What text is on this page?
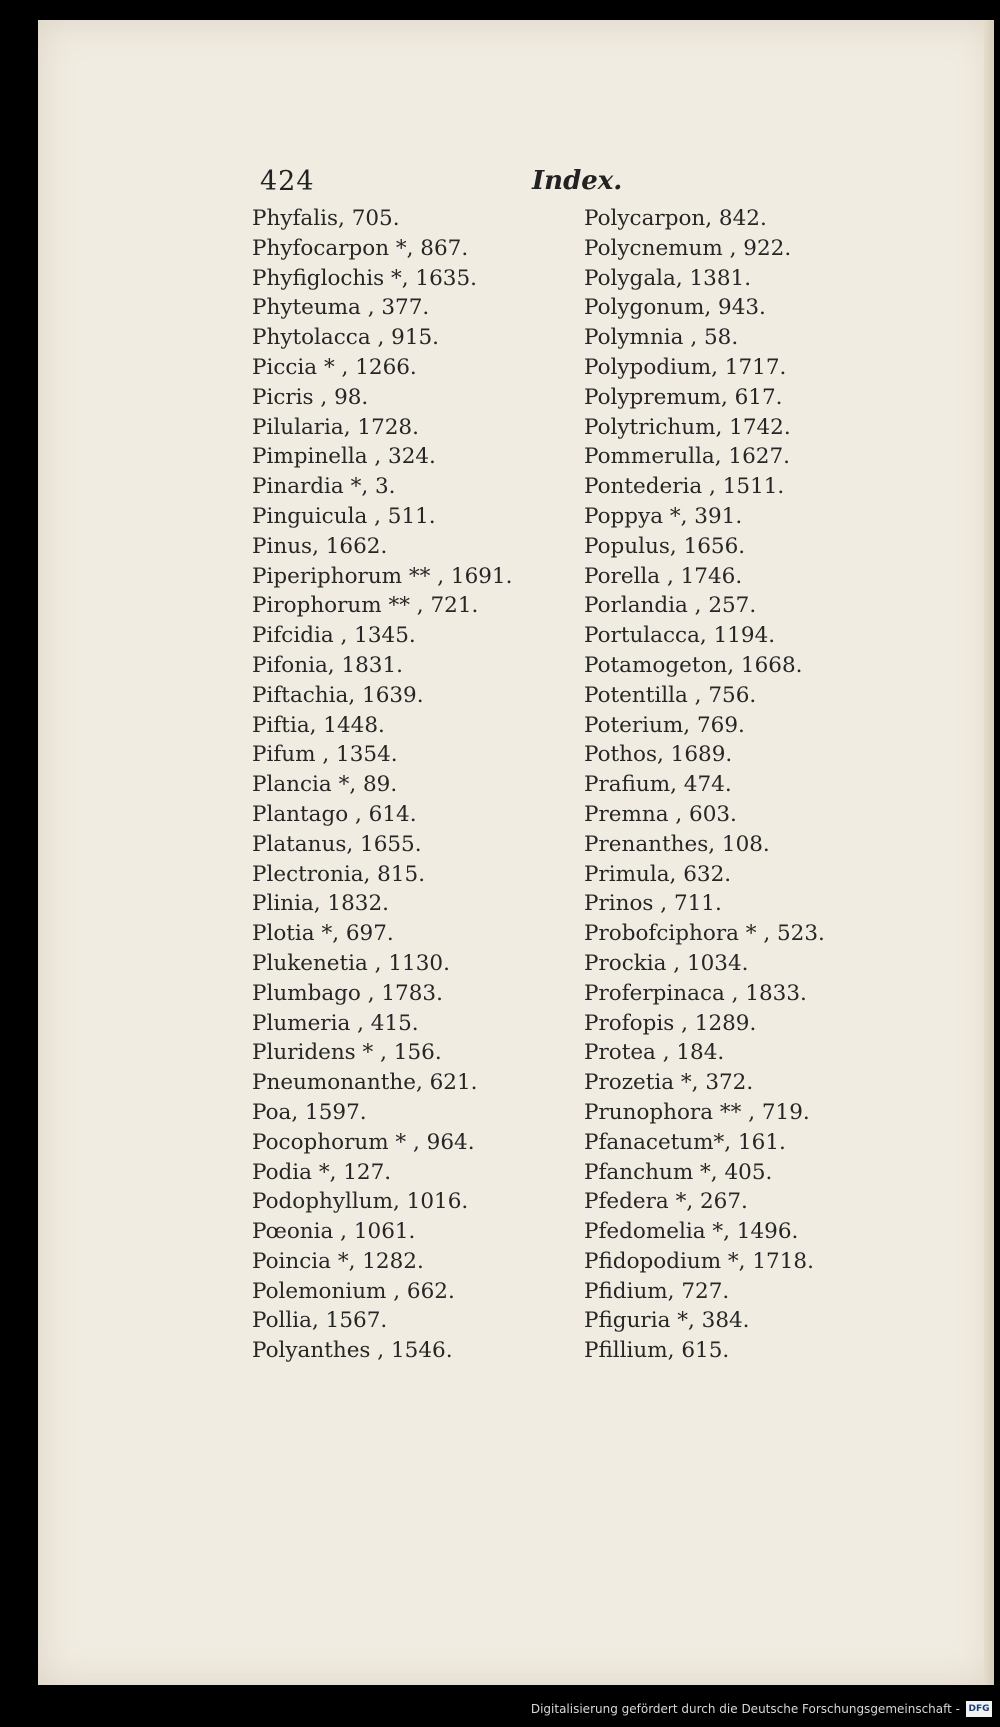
424	Index.
Phyfalis, 705.
Phyfocarpon *, 867.
Phyfiglochis *, 1635.
Phyteuma , 377.
Phytolacca , 915.
Piccia * , 1266.
Picris , 98.
Pilularia, 1728.
Pimpinella , 324.
Pinardia *, 3.
Pinguicula , 511.
Pinus, 1662.
Piperiphorum ** , 1691.
Pirophorum ** , 721.
Pifcidia , 1345.
Pifonia, 1831.
Piftachia, 1639.
Piftia, 1448.
Pifum , 1354.
Plancia *, 89.
Plantago , 614.
Platanus, 1655.
Plectronia, 815.
Plinia, 1832.
Plotia *, 697.
Plukenetia , 1130.
Plumbago , 1783.
Plumeria , 415.
Pluridens * , 156.
Pneumonanthe, 621.
Poa, 1597.
Pocophorum * , 964.
Podia *, 127.
Podophyllum, 1016.
Pœonia , 1061.
Poincia *, 1282.
Polemonium , 662.
Pollia, 1567.
Polyanthes , 1546.
Polycarpon, 842.
Polycnemum , 922.
Polygala, 1381.
Polygonum, 943.
Polymnia , 58.
Polypodium, 1717.
Polypremum, 617.
Polytrichum, 1742.
Pommerulla, 1627.
Pontederia , 1511.
Poppya *, 391.
Populus, 1656.
Porella , 1746.
Porlandia , 257.
Portulacca, 1194.
Potamogeton, 1668.
Potentilla , 756.
Poterium, 769.
Pothos, 1689.
Prafium, 474.
Premna , 603.
Prenanthes, 108.
Primula, 632.
Prinos , 711.
Probofciphora * , 523.
Prockia , 1034.
Proferpinaca , 1833.
Profopis , 1289.
Protea , 184.
Prozetia *, 372.
Prunophora ** , 719.
Pfanacetum*, 161.
Pfanchum *, 405.
Pfedera *, 267.
Pfedomelia *, 1496.
Pfidopodium *, 1718.
Pfidium, 727.
Pfiguria *, 384.
Pfillium, 615.
Digitalisierung gefördert durch die Deutsche Forschungsgemeinschaft - DFG
